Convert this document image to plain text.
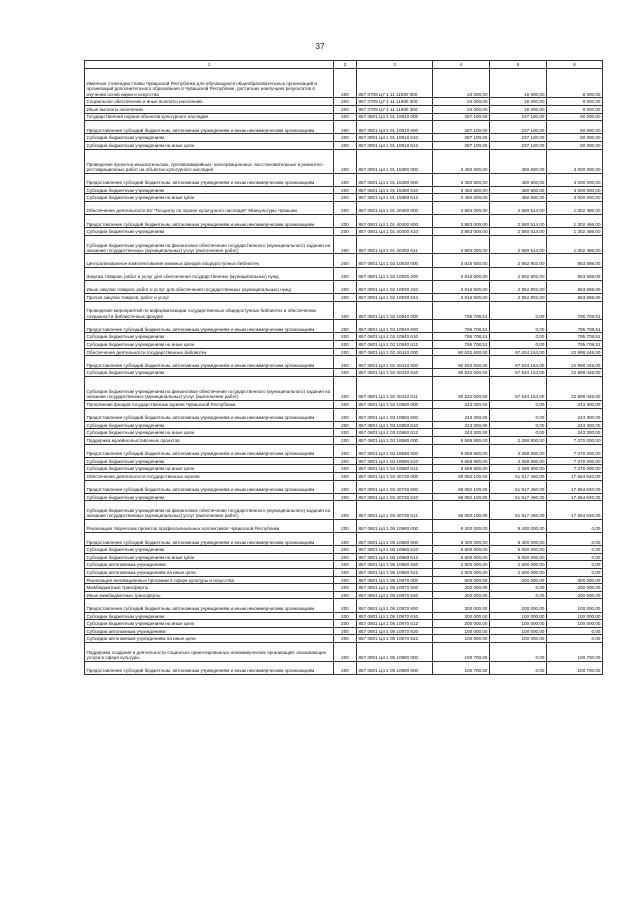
37
1	2	3	4	5	6
Именные стипендии Главы Чувашской Республики для обучающихся общеобразовательных организаций и организаций дополнительного образования в Чувашской Республике, достигших наилучших результатов в изучении основ науки и искусства	200	857 0709 Ц7 1 11 11690 000	24 000,00	16 000,00	8 000,00
Социальное обеспечение и иные выплаты населению	200	857 0709 Ц7 1 11 11690 300	24 000,00	16 000,00	8 000,00
Иные выплаты населению	200	857 0709 Ц7 1 11 11690 360	24 000,00	16 000,00	8 000,00
Государственная охрана объектов культурного наследия	200	857 0801 Ц4 1 01 10910 000	297 100,00	237 100,00	60 000,00
Предоставление субсидий бюджетным, автономным учреждениям и иным некоммерческим организациям	200	857 0801 Ц4 1 01 10910 600	297 100,00	237 100,00	60 000,00
Субсидии бюджетным учреждениям	200	857 0801 Ц4 1 01 10910 610	297 100,00	237 100,00	60 000,00
Субсидии бюджетным учреждениям на иные цели	200	857 0801 Ц4 1 01 10910 612	297 100,00	237 100,00	60 000,00
Проведение проектно-изыскательских, противоаварийных, консервационных, восстановительных и ремонтно-реставрационных работ на объектах культурного наследия	200	857 0801 Ц4 1 01 15380 000	3 450 600,00	450 600,00	3 000 000,00
Предоставление субсидий бюджетным, автономным учреждениям и иным некоммерческим организациям	200	857 0801 Ц4 1 01 15380 600	3 450 600,00	450 600,00	3 000 000,00
Субсидии бюджетным учреждениям	200	857 0801 Ц4 1 01 15380 610	3 450 600,00	450 600,00	3 000 000,00
Субсидии бюджетным учреждениям на иные цели	200	857 0801 Ц4 1 01 15380 612	3 450 600,00	450 600,00	3 000 000,00
Обеспечение деятельности БУ "Госцентр по охране культурного наследия" Минкультуры Чувашии	200	857 0801 Ц4 1 01 40400 000	3 883 000,00	2 580 514,00	1 302 486,00
Предоставление субсидий бюджетным, автономным учреждениям и иным некоммерческим организациям	200	857 0801 Ц4 1 01 40400 600	3 883 000,00	2 580 514,00	1 302 486,00
Субсидии бюджетным учреждениям	200	857 0801 Ц4 1 01 40400 610	3 883 000,00	2 580 514,00	1 302 486,00
Субсидии бюджетным учреждениям на финансовое обеспечение государственного (муниципального) задания на оказание государственных (муниципальных) услуг (выполнение работ)	200	857 0801 Ц4 1 01 40400 611	3 883 000,00	2 580 514,00	1 302 486,00
Централизованное комплектование книжных фондов общедоступных библиотек	200	857 0801 Ц4 1 02 10930 000	3 816 500,00	2 952 902,00	863 598,00
Закупка товаров, работ и услуг для обеспечения государственных (муниципальных) нужд	200	857 0801 Ц4 1 02 10930 200	3 816 500,00	2 952 902,00	863 598,00
Иные закупки товаров, работ и услуг для обеспечения государственных (муниципальных) нужд	200	857 0801 Ц4 1 02 10930 240	3 816 500,00	2 952 902,00	863 598,00
Прочая закупка товаров, работ и услуг	200	857 0801 Ц4 1 02 10930 244	3 816 500,00	2 952 902,00	863 598,00
Проведение мероприятий по информатизации государственных общедоступных библиотек и обеспечению сохранности библиотечных фондов	200	857 0801 Ц4 1 02 10940 000	795 708,51	0,00	795 708,51
Предоставление субсидий бюджетным, автономным учреждениям и иным некоммерческим организациям	200	857 0801 Ц4 1 02 10940 600	795 708,51	0,00	795 708,51
Субсидии бюджетным учреждениям	200	857 0801 Ц4 1 02 10940 610	795 708,51	0,00	795 708,51
Субсидии бюджетным учреждениям на иные цели	200	857 0801 Ц4 1 02 10940 612	795 708,51	0,00	795 708,51
Обеспечение деятельности государственных библиотек	200	857 0801 Ц4 1 02 40410 000	90 632 600,00	67 634 154,00	22 998 446,00
Предоставление субсидий бюджетным, автономным учреждениям и иным некоммерческим организациям	200	857 0801 Ц4 1 02 40410 600	90 632 600,00	67 634 154,00	22 998 446,00
Субсидии бюджетным учреждениям	200	857 0801 Ц4 1 02 40410 610	90 632 600,00	67 634 154,00	22 998 446,00
Субсидии бюджетным учреждениям на финансовое обеспечение государственного (муниципального) задания на оказание государственных (муниципальных) услуг (выполнение работ)	200	857 0801 Ц4 1 02 40410 611	90 632 600,00	67 634 154,00	22 998 446,00
Пополнение фондов государственных музеев Чувашской Республики	200	857 0801 Ц4 1 03 10950 000	243 300,00	0,00	243 300,00
Предоставление субсидий бюджетным, автономным учреждениям и иным некоммерческим организациям	200	857 0801 Ц4 1 03 10950 600	243 300,00	0,00	243 300,00
Субсидии бюджетным учреждениям	200	857 0801 Ц4 1 03 10950 610	243 300,00	0,00	243 300,00
Субсидии бюджетным учреждениям на иные цели	200	857 0801 Ц4 1 03 10950 612	243 300,00	0,00	243 300,00
Поддержка музейно-выставочных проектов	200	857 0801 Ц4 1 03 18580 000	9 658 800,00	2 288 800,00	7 370 000,00
Предоставление субсидий бюджетным, автономным учреждениям и иным некоммерческим организациям	200	857 0801 Ц4 1 03 18580 600	9 658 800,00	2 288 800,00	7 370 000,00
Субсидии бюджетным учреждениям	200	857 0801 Ц4 1 03 18580 610	9 658 800,00	2 288 800,00	7 370 000,00
Субсидии бюджетным учреждениям на иные цели	200	857 0801 Ц4 1 03 18580 612	9 658 800,00	2 288 800,00	7 370 000,00
Обеспечение деятельности государственных музеев	200	857 0801 Ц4 1 03 40730 000	69 082 100,00	51 517 460,00	17 564 640,00
Предоставление субсидий бюджетным, автономным учреждениям и иным некоммерческим организациям	200	857 0801 Ц4 1 03 40730 600	69 082 100,00	51 517 460,00	17 564 640,00
Субсидии бюджетным учреждениям	200	857 0801 Ц4 1 03 40730 610	69 082 100,00	51 517 460,00	17 564 640,00
Субсидии бюджетным учреждениям на финансовое обеспечение государственного (муниципального) задания на оказание государственных (муниципальных) услуг (выполнение работ)	200	857 0801 Ц4 1 03 40730 611	69 082 100,00	51 517 460,00	17 564 640,00
Реализация творческих проектов профессиональных коллективов Чувашской Республики	200	857 0801 Ц4 1 05 10960 000	8 400 000,00	8 400 000,00	0,00
Предоставление субсидий бюджетным, автономным учреждениям и иным некоммерческим организациям	200	857 0801 Ц4 1 05 10960 600	8 400 000,00	8 400 000,00	0,00
Субсидии бюджетным учреждениям	200	857 0801 Ц4 1 05 10960 610	5 600 000,00	5 600 000,00	0,00
Субсидии бюджетным учреждениям на иные цели	200	857 0801 Ц4 1 05 10960 612	5 600 000,00	5 600 000,00	0,00
Субсидии автономным учреждениям	200	857 0801 Ц4 1 05 10960 620	2 800 000,00	2 800 000,00	0,00
Субсидии автономным учреждениям на иные цели	200	857 0801 Ц4 1 05 10960 622	2 800 000,00	2 800 000,00	0,00
Реализация инновационных программ в сфере культуры и искусства	200	857 0801 Ц4 1 05 10970 000	500 000,00	200 000,00	300 000,00
Межбюджетные трансферты	200	857 0801 Ц4 1 05 10970 500	200 000,00	0,00	200 000,00
Иные межбюджетные трансферты	200	857 0801 Ц4 1 05 10970 540	200 000,00	0,00	200 000,00
Предоставление субсидий бюджетным, автономным учреждениям и иным некоммерческим организациям	200	857 0801 Ц4 1 05 10970 600	300 000,00	200 000,00	100 000,00
Субсидии бюджетным учреждениям	200	857 0801 Ц4 1 05 10970 610	200 000,00	100 000,00	100 000,00
Субсидии бюджетным учреждениям на иные цели	200	857 0801 Ц4 1 05 10970 612	200 000,00	100 000,00	100 000,00
Субсидии автономным учреждениям	200	857 0801 Ц4 1 05 10970 620	100 000,00	100 000,00	0,00
Субсидии автономным учреждениям на иные цели	200	857 0801 Ц4 1 05 10970 622	100 000,00	100 000,00	0,00
Поддержка создания и деятельности социально ориентированных некоммерческих организаций, оказывающих услуги в сфере культуры	200	857 0801 Ц4 1 05 10980 000	100 700,00	0,00	100 700,00
Предоставление субсидий бюджетным, автономным учреждениям и иным некоммерческим организациям	200	857 0801 Ц4 1 05 10980 600	100 700,00	0,00	100 700,00
